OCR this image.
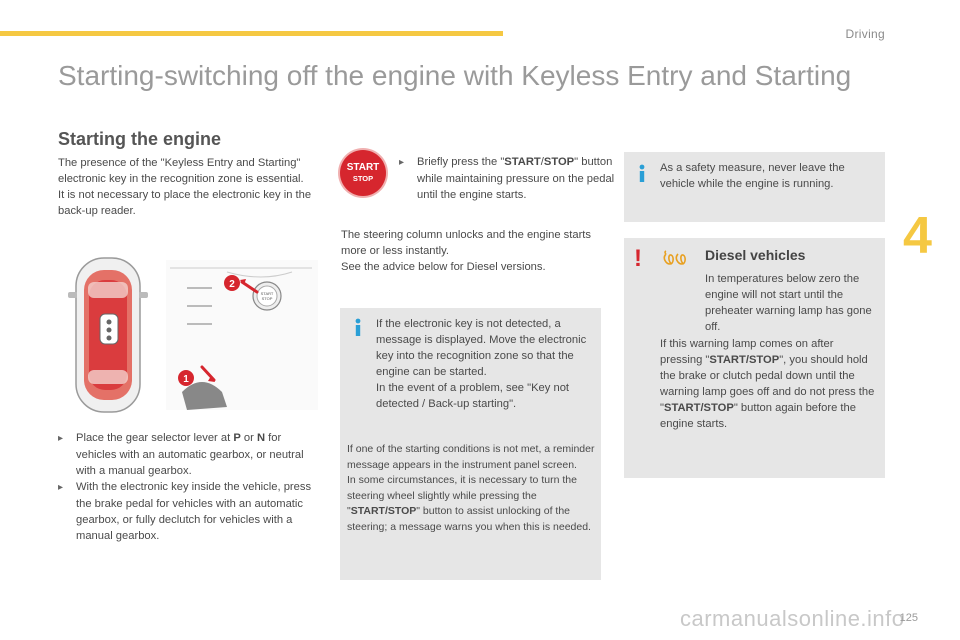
Driving
4
Starting-switching off the engine with Keyless Entry and Starting
Starting the engine
The presence of the "Keyless Entry and Starting" electronic key in the recognition zone is essential.
It is not necessary to place the electronic key in the back-up reader.
START
STOP
2
1
▸ Place the gear selector lever at P or N for vehicles with an automatic gearbox, or neutral with a manual gearbox.
▸ With the electronic key inside the vehicle, press the brake pedal for vehicles with an automatic gearbox, or fully declutch for vehicles with a manual gearbox.
START
STOP
▸ Briefly press the "START/STOP" button while maintaining pressure on the pedal until the engine starts.
The steering column unlocks and the engine starts more or less instantly.
See the advice below for Diesel versions.
If the electronic key is not detected, a message is displayed. Move the electronic key into the recognition zone so that the engine can be started.
In the event of a problem, see "Key not detected / Back-up starting".
If one of the starting conditions is not met, a reminder message appears in the instrument panel screen.
In some circumstances, it is necessary to turn the steering wheel slightly while pressing the "START/STOP" button to assist unlocking of the steering; a message warns you when this is needed.
As a safety measure, never leave the vehicle while the engine is running.
!	Diesel vehicles
In temperatures below zero the engine will not start until the preheater warning lamp has gone off.
If this warning lamp comes on after pressing "START/STOP", you should hold the brake or clutch pedal down until the warning lamp goes off and do not press the "START/STOP" button again before the engine starts.
carmanualsonline.info
125
